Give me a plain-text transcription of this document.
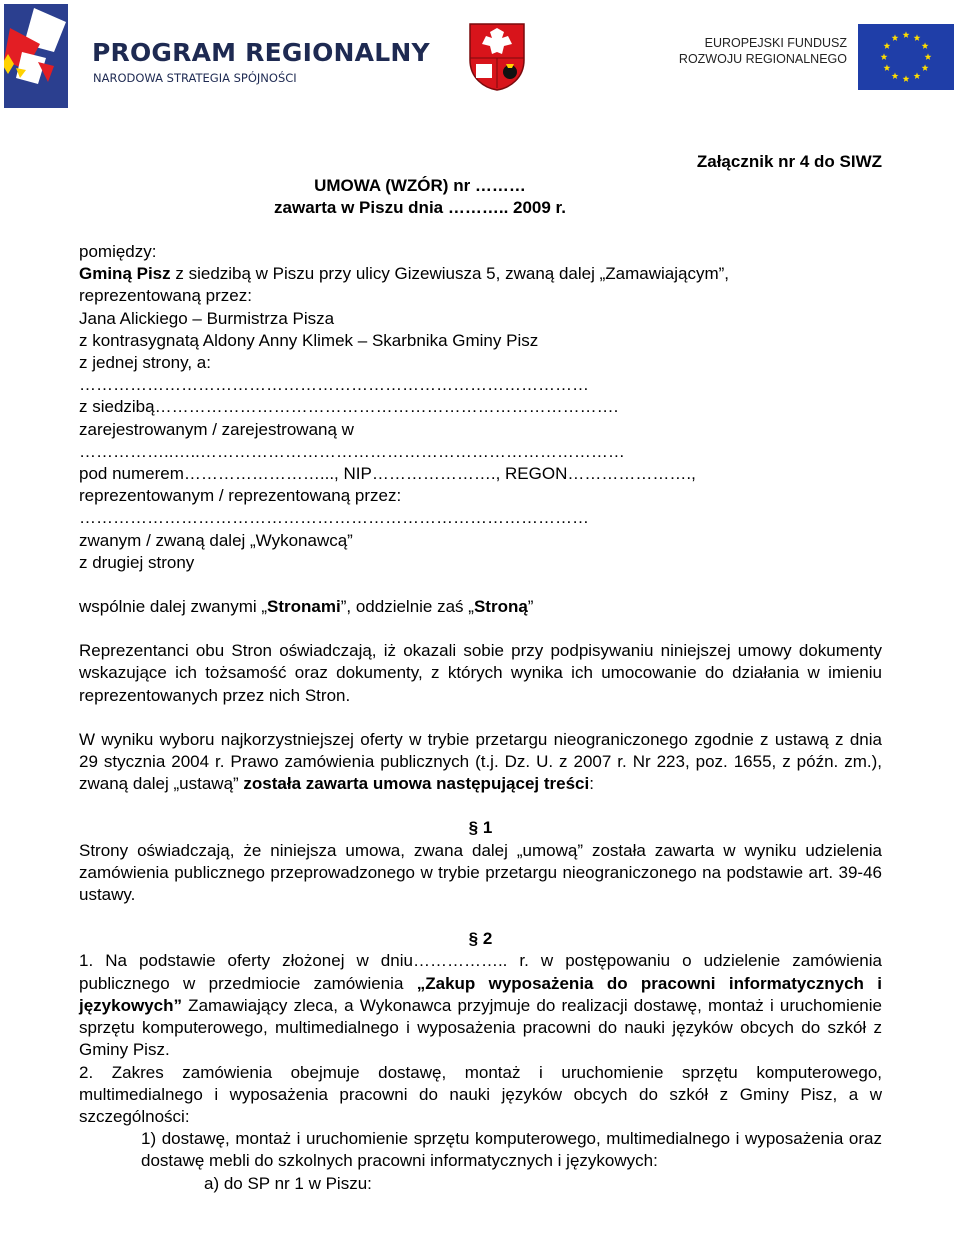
PROGRAM REGIONALNY
NARODOWA STRATEGIA SPÓJNOŚCI
EUROPEJSKI FUNDUSZ
ROZWOJU REGIONALNEGO
Załącznik nr 4 do SIWZ
UMOWA (WZÓR) nr ………
zawarta w Piszu dnia ……….. 2009 r.

pomiędzy:

Gminą Pisz z siedzibą w Piszu przy ulicy Gizewiusza 5, zwaną dalej „Zamawiającym”,

reprezentowaną przez:

Jana Alickiego – Burmistrza Pisza

z kontrasygnatą Aldony Anny Klimek – Skarbnika Gminy Pisz

z jednej strony, a:

………………………………………………………………………………

z siedzibą……………………………………………………………………….

zarejestrowanym / zarejestrowaną w

……………..…..…………………………………………………………………

pod numerem……………………..., NIP…………………., REGON………………….,

reprezentowanym / reprezentowaną przez:

………………………………………………………………………………

zwanym / zwaną dalej „Wykonawcą”

z drugiej strony

wspólnie dalej zwanymi „Stronami”, oddzielnie zaś „Stroną”

Reprezentanci obu Stron oświadczają, iż okazali sobie przy podpisywaniu niniejszej umowy dokumenty wskazujące ich tożsamość oraz dokumenty, z których wynika ich umocowanie do działania w imieniu reprezentowanych przez nich Stron.

W wyniku wyboru najkorzystniejszej oferty w trybie przetargu nieograniczonego zgodnie z ustawą z dnia 29 stycznia 2004 r. Prawo zamówienia publicznych (t.j. Dz. U. z 2007 r. Nr 223, poz. 1655, z późn. zm.), zwaną dalej „ustawą” została zawarta umowa następującej treści:

§ 1

Strony oświadczają, że niniejsza umowa, zwana dalej „umową” została zawarta w wyniku udzielenia zamówienia publicznego przeprowadzonego w trybie przetargu nieograniczonego na podstawie art. 39-46 ustawy.

§ 2

1. Na podstawie oferty złożonej w dniu…………….. r. w postępowaniu o udzielenie zamówienia publicznego w przedmiocie zamówienia „Zakup wyposażenia do pracowni informatycznych i językowych” Zamawiający zleca, a Wykonawca przyjmuje do realizacji dostawę, montaż i uruchomienie sprzętu komputerowego, multimedialnego i wyposażenia pracowni do nauki języków obcych do szkół z Gminy Pisz.

2. Zakres zamówienia obejmuje dostawę, montaż i uruchomienie sprzętu komputerowego, multimedialnego i wyposażenia pracowni do nauki języków obcych do szkół z Gminy Pisz, a w szczególności:

1) dostawę, montaż i uruchomienie sprzętu komputerowego, multimedialnego i wyposażenia oraz dostawę mebli do szkolnych pracowni informatycznych i językowych:

a) do SP nr 1 w Piszu:
